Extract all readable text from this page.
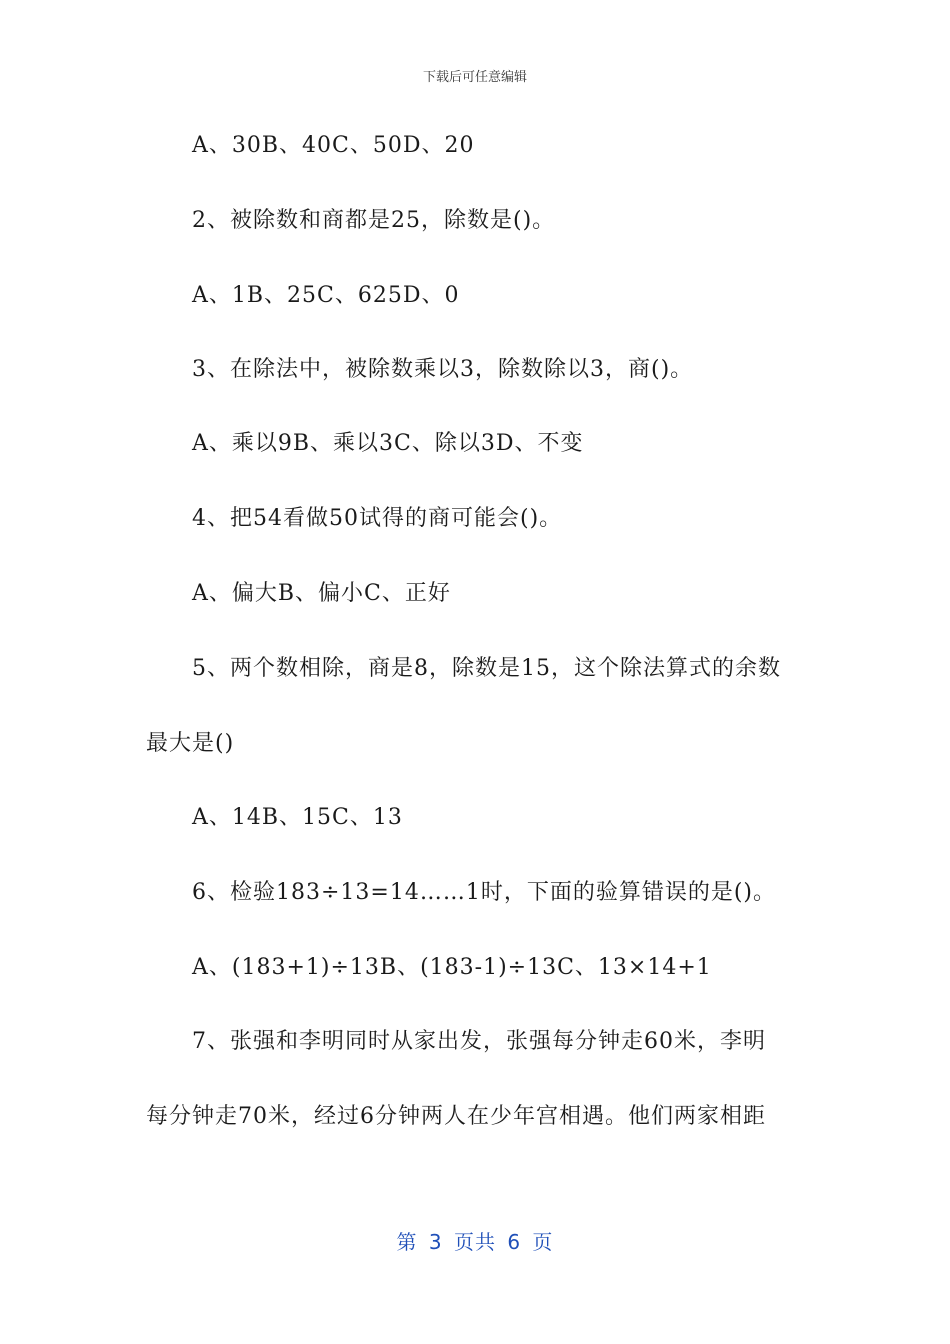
下载后可任意编辑
A、30B、40C、50D、20
2、被除数和商都是25，除数是()。
A、1B、25C、625D、0
3、在除法中，被除数乘以3，除数除以3，商()。
A、乘以9B、乘以3C、除以3D、不变
4、把54看做50试得的商可能会()。
A、偏大B、偏小C、正好
5、两个数相除，商是8，除数是15，这个除法算式的余数
最大是()
A、14B、15C、13
6、检验183÷13=14……1时，下面的验算错误的是()。
A、(183+1)÷13B、(183-1)÷13C、13×14+1
7、张强和李明同时从家出发，张强每分钟走60米，李明
每分钟走70米，经过6分钟两人在少年宫相遇。他们两家相距
第 3 页共 6 页
